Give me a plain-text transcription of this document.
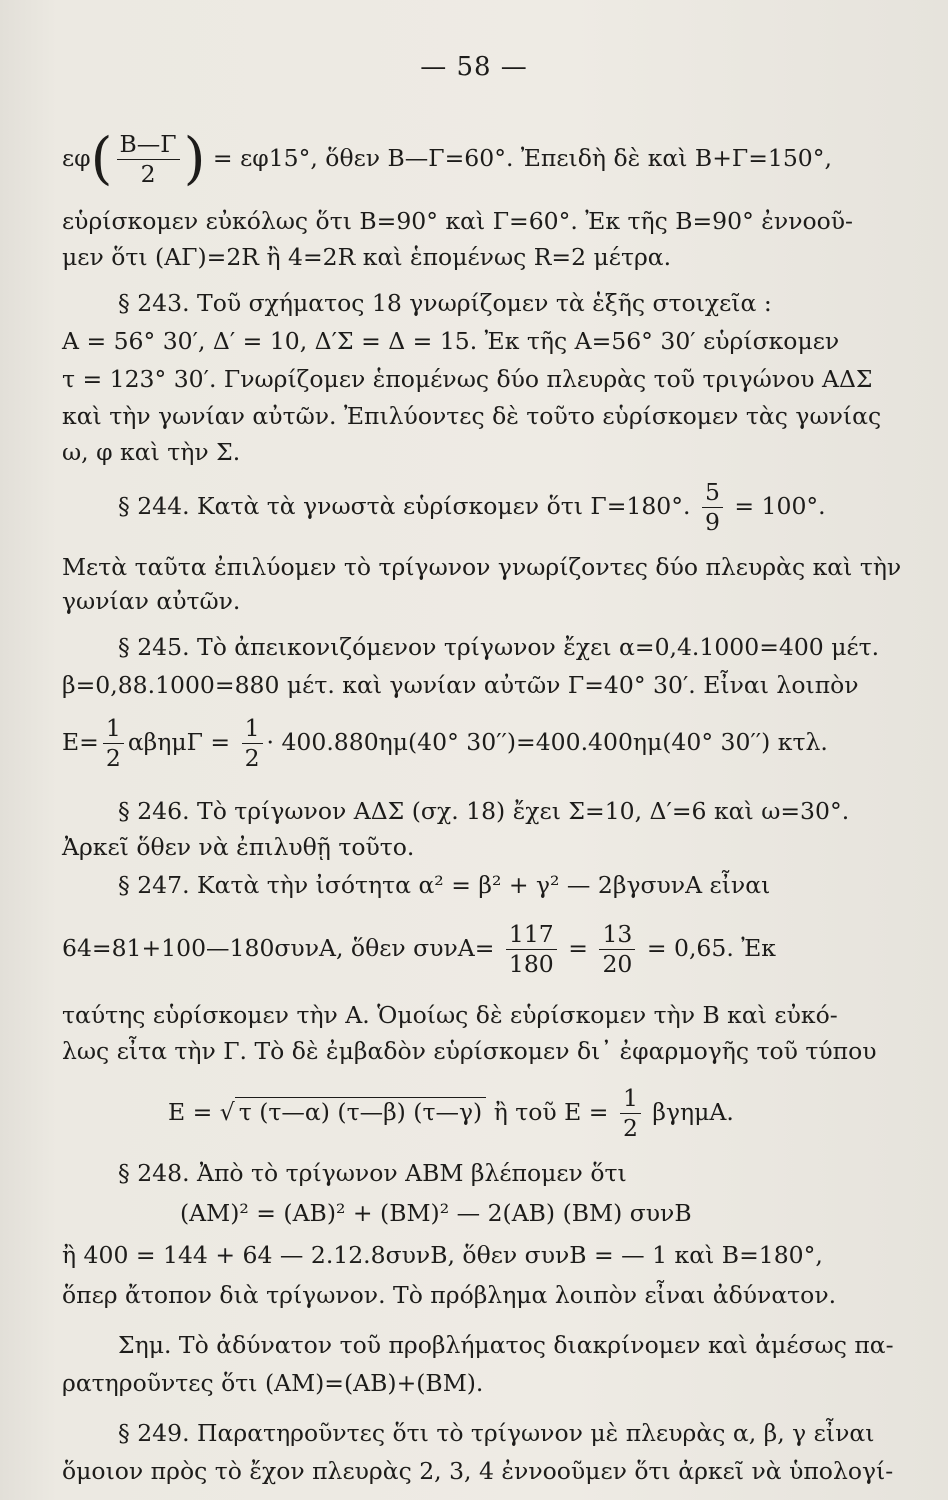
— 58 —
$\varepsilon\varphi( \frac{B—\Gamma}{2}$ ) = εφ15°, ὅθεν Β—Γ=60°. Ἐπειδὴ δὲ καὶ Β+Γ=150°,
εὑρίσκομεν εὐκόλως ὅτι Β=90° καὶ Γ=60°. Ἐκ τῆς Β=90° ἐννοοῦ-
μεν ὅτι (ΑΓ)=2R ἢ 4=2R καὶ ἑπομένως R=2 μέτρα.
§ 243. Τοῦ σχήματος 18 γνωρίζομεν τὰ ἑξῆς στοιχεῖα :
Α = 56° 30′, Δ′ = 10, Δ′Σ = Δ = 15. Ἐκ τῆς Α=56° 30′ εὑρίσκομεν
τ = 123° 30′. Γνωρίζομεν ἑπομένως δύο πλευρὰς τοῦ τριγώνου ΑΔΣ
καὶ τὴν γωνίαν αὐτῶν. Ἐπιλύοντες δὲ τοῦτο εὑρίσκομεν τὰς γωνίας
ω, φ καὶ τὴν Σ.
§ 244. Κατὰ τὰ γνωστὰ εὑρίσκομεν ὅτι Γ=180°. $\frac{5}{9} = 100^\circ$.
Μετὰ ταῦτα ἐπιλύομεν τὸ τρίγωνον γνωρίζοντες δύο πλευρὰς καὶ τὴν
γωνίαν αὐτῶν.
§ 245. Τὸ ἀπεικονιζόμενον τρίγωνον ἔχει α=0,4.1000=400 μέτ.
β=0,88.1000=880 μέτ. καὶ γωνίαν αὐτῶν Γ=40° 30′. Εἶναι λοιπὸν
$E= \frac{1}{2}$ $\alpha\beta\eta\mu\Gamma = \frac{1}{2} \cdot 400.880\eta\mu(40^\circ$ 30′′)=400.400ημ(40° 30′′) κτλ.
§ 246. Τὸ τρίγωνον ΑΔΣ (σχ. 18) ἔχει Σ=10, Δ′=6 καὶ ω=30°.
Ἀρκεῖ ὅθεν νὰ ἐπιλυθῇ τοῦτο.
§ 247. Κατὰ τὴν ἰσότητα α² = β² + γ² — 2βγσυνΑ εἶναι
64=81+100—180συνΑ, ὅθεν $\sigma\upsilon\nu A= \frac{117}{180} = \frac{13}{20} = 0,65$. Ἐκ
ταύτης εὑρίσκομεν τὴν Α. Ὁμοίως δὲ εὑρίσκομεν τὴν Β καὶ εὐκό-
λως εἶτα τὴν Γ. Τὸ δὲ ἐμβαδὸν εὑρίσκομεν δι᾽ ἐφαρμογῆς τοῦ τύπου
Ε = √ τ (τ—α) (τ—β) (τ—γ) ἢ τοῦ $E = \frac{1}{2} \beta\gamma\eta\mu A$.
§ 248. Ἀπὸ τὸ τρίγωνον ΑΒΜ βλέπομεν ὅτι
(ΑΜ)² = (ΑΒ)² + (ΒΜ)² — 2(ΑΒ) (ΒΜ) συνΒ
ἢ 400 = 144 + 64 — 2.12.8συνΒ, ὅθεν συνΒ = — 1 καὶ Β=180°,
ὅπερ ἄτοπον διὰ τρίγωνον. Τὸ πρόβλημα λοιπὸν εἶναι ἀδύνατον.
Σημ. Τὸ ἀδύνατον τοῦ προβλήματος διακρίνομεν καὶ ἀμέσως πα-
ρατηροῦντες ὅτι (ΑΜ)=(ΑΒ)+(ΒΜ).
§ 249. Παρατηροῦντες ὅτι τὸ τρίγωνον μὲ πλευρὰς α, β, γ εἶναι
ὅμοιον πρὸς τὸ ἔχον πλευρὰς 2, 3, 4 ἐννοοῦμεν ὅτι ἀρκεῖ νὰ ὑπολογί-
